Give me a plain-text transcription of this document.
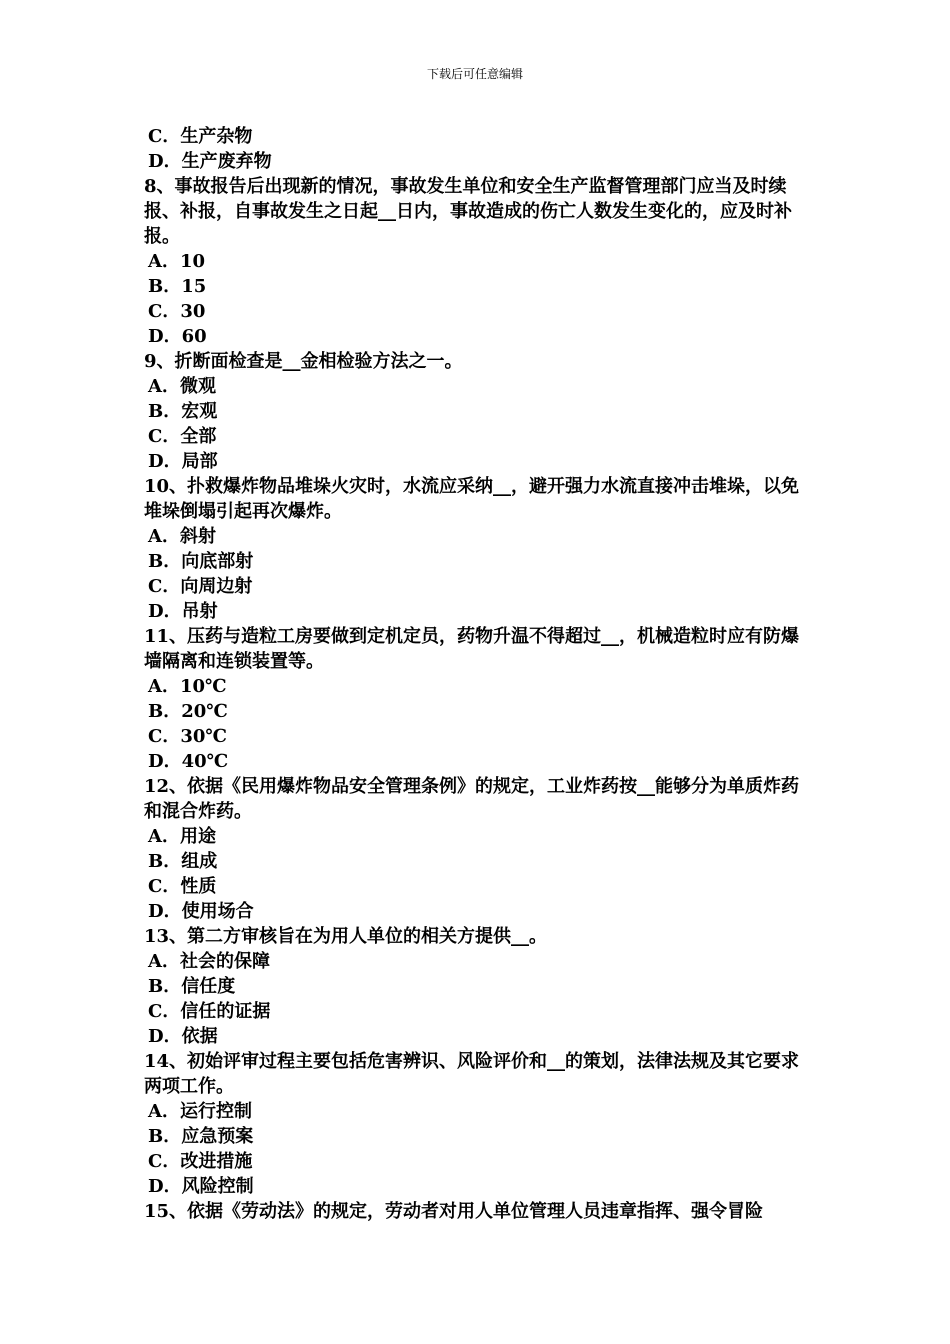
下载后可任意编辑
C．生产杂物
D．生产废弃物
8、事故报告后出现新的情况，事故发生单位和安全生产监督管理部门应当及时续报、补报，自事故发生之日起__日内，事故造成的伤亡人数发生变化的，应及时补报。
A．10
B．15
C．30
D．60
9、折断面检查是__金相检验方法之一。
A．微观
B．宏观
C．全部
D．局部
10、扑救爆炸物品堆垛火灾时，水流应采纳__，避开强力水流直接冲击堆垛，以免堆垛倒塌引起再次爆炸。
A．斜射
B．向底部射
C．向周边射
D．吊射
11、压药与造粒工房要做到定机定员，药物升温不得超过__，机械造粒时应有防爆墙隔离和连锁装置等。
A．10℃
B．20℃
C．30℃
D．40℃
12、依据《民用爆炸物品安全管理条例》的规定，工业炸药按__能够分为单质炸药和混合炸药。
A．用途
B．组成
C．性质
D．使用场合
13、第二方审核旨在为用人单位的相关方提供__。
A．社会的保障
B．信任度
C．信任的证据
D．依据
14、初始评审过程主要包括危害辨识、风险评价和__的策划，法律法规及其它要求两项工作。
A．运行控制
B．应急预案
C．改进措施
D．风险控制
15、依据《劳动法》的规定，劳动者对用人单位管理人员违章指挥、强令冒险
